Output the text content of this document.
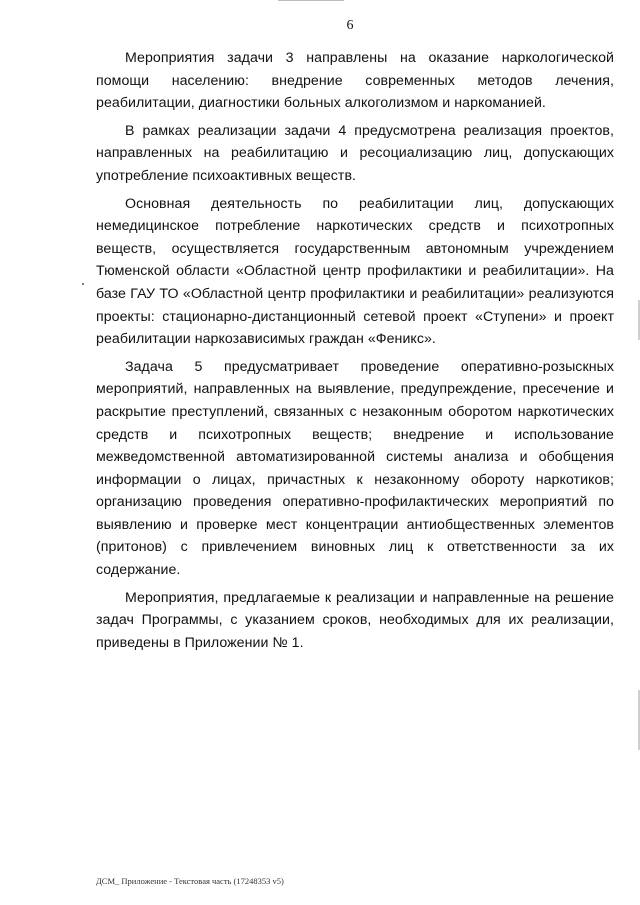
6

Мероприятия задачи 3 направлены на оказание наркологической помощи населению: внедрение современных методов лечения, реабилитации, диагностики больных алкоголизмом и наркоманией.

В рамках реализации задачи 4 предусмотрена реализация проектов, направленных на реабилитацию и ресоциализацию лиц, допускающих употребление психоактивных веществ.

Основная деятельность по реабилитации лиц, допускающих немедицинское потребление наркотических средств и психотропных веществ, осуществляется государственным автономным учреждением Тюменской области «Областной центр профилактики и реабилитации». На базе ГАУ ТО «Областной центр профилактики и реабилитации» реализуются проекты: стационарно-дистанционный сетевой проект «Ступени» и проект реабилитации наркозависимых граждан «Феникс».

Задача 5 предусматривает проведение оперативно-розыскных мероприятий, направленных на выявление, предупреждение, пресечение и раскрытие преступлений, связанных с незаконным оборотом наркотических средств и психотропных веществ; внедрение и использование межведомственной автоматизированной системы анализа и обобщения информации о лицах, причастных к незаконному обороту наркотиков; организацию проведения оперативно-профилактических мероприятий по выявлению и проверке мест концентрации антиобщественных элементов (притонов) с привлечением виновных лиц к ответственности за их содержание.

Мероприятия, предлагаемые к реализации и направленные на решение задач Программы, с указанием сроков, необходимых для их реализации, приведены в Приложении № 1.

ДСМ_ Приложение - Текстовая часть (17248353 v5)
